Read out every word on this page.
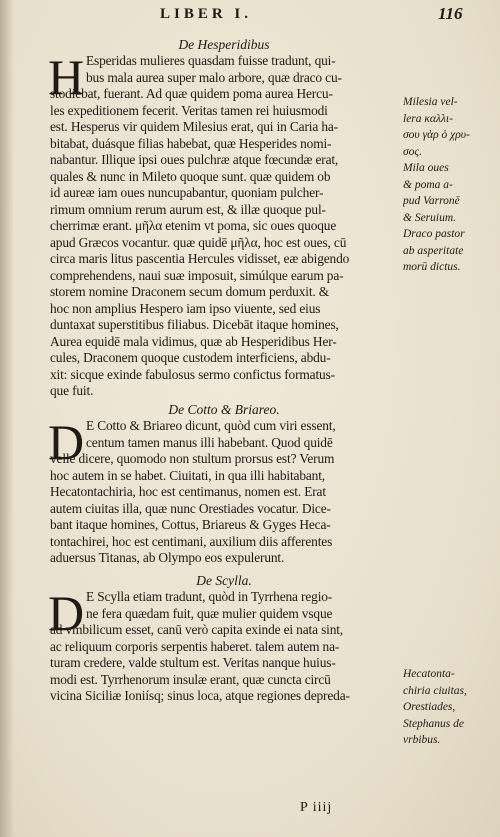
LIBER I.	116
De Hesperidibus
H Esperidas mulieres quasdam fuisse tradunt, qui-
bus mala aurea super malo arbore, quæ draco cu-
stodiebat, fuerant. Ad quæ quidem poma aurea Hercu-
les expeditionem fecerit. Veritas tamen rei huiusmodi
est. Hesperus vir quidem Milesius erat, qui in Caria ha-
bitabat, duásque filias habebat, quæ Hesperides nomi-
nabantur. Illique ipsi oues pulchræ atque fœcundæ erat,
quales & nunc in Mileto quoque sunt. quæ quidem ob
id aureæ iam oues nuncupabantur, quoniam pulcher-
rimum omnium rerum aurum est, & illæ quoque pul-
cherrimæ erant. μῆλα etenim vt poma, sic oues quoque
apud Græcos vocantur. quæ quidē μῆλα, hoc est oues, cū
circa maris litus pascentia Hercules vidisset, eæ abigendo
comprehendens, naui suæ imposuit, simúlque earum pa-
storem nomine Draconem secum domum perduxit. &
hoc non amplius Hespero iam ipso viuente, sed eius
duntaxat superstitibus filiabus. Dicebāt itaque homines,
Aurea equidē mala vidimus, quæ ab Hesperidibus Her-
cules, Draconem quoque custodem interficiens, abdu-
xit: sicque exinde fabulosus sermo confictus formatus-
que fuit.
De Cotto & Briareo.
D E Cotto & Briareo dicunt, quòd cum viri essent,
centum tamen manus illi habebant. Quod quidē
velle dicere, quomodo non stultum prorsus est? Verum
hoc autem in se habet. Ciuitati, in qua illi habitabant,
Hecatontachiria, hoc est centimanus, nomen est. Erat
autem ciuitas illa, quæ nunc Orestiades vocatur. Dice-
bant itaque homines, Cottus, Briareus & Gyges Heca-
tontachirei, hoc est centimani, auxilium diis afferentes
aduersus Titanas, ab Olympo eos expulerunt.
De Scylla.
D E Scylla etiam tradunt, quòd in Tyrrhena regio-
ne fera quædam fuit, quæ mulier quidem vsque
ad vmbilicum esset, canū verò capita exinde ei nata sint,
ac reliquum corporis serpentis haberet. talem autem na-
turam credere, valde stultum est. Veritas nanque huius-
modi est. Tyrrhenorum insulæ erant, quæ cuncta circū
vicina Siciliæ Ioniísq; sinus loca, atque regiones depreda-
Milesia vel-
lera καλλι-
σου γὰρ ὁ χρυ-
σος.
Mila oues
& poma a-
pud Varronē
& Seruium.
Draco pastor
ab asperitate
morū dictus.
Hecatonta-
chiria ciuitas,
Orestiades,
Stephanus de
vrbibus.
P iiij
